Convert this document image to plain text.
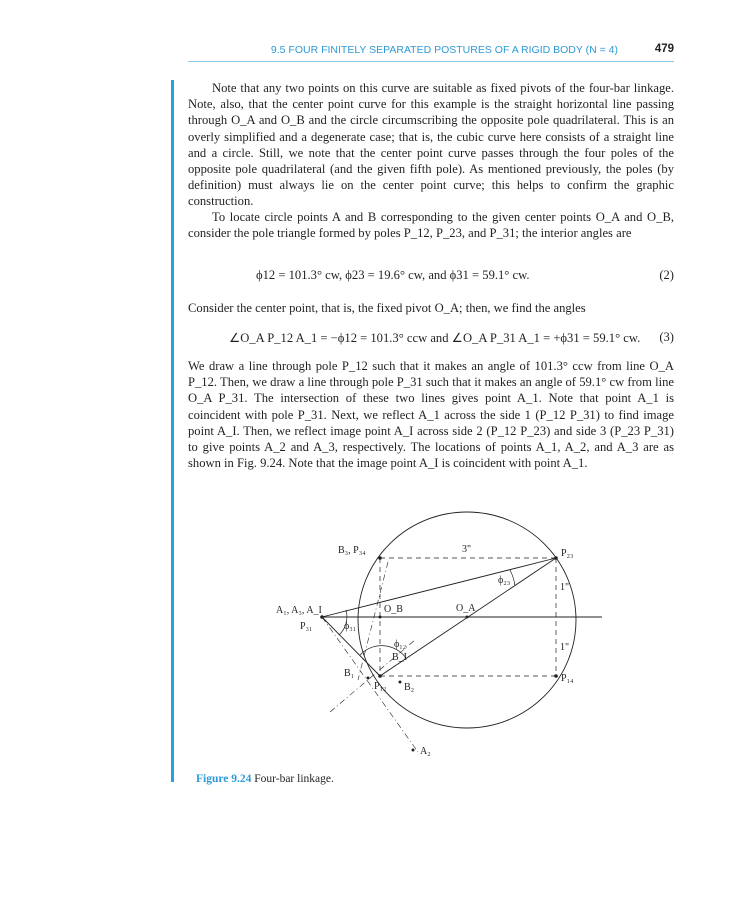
9.5 FOUR FINITELY SEPARATED POSTURES OF A RIGID BODY (N = 4)	479

Note that any two points on this curve are suitable as fixed pivots of the four-bar linkage. Note, also, that the center point curve for this example is the straight horizontal line passing through O_A and O_B and the circle circumscribing the opposite pole quadrilateral. This is an overly simplified and a degenerate case; that is, the cubic curve here consists of a straight line and a circle. Still, we note that the center point curve passes through the four poles of the opposite pole quadrilateral (and the given fifth pole). As mentioned previously, the poles (by definition) must always lie on the center point curve; this helps to confirm the graphic construction.

To locate circle points A and B corresponding to the given center points O_A and O_B, consider the pole triangle formed by poles P_12, P_23, and P_31; the interior angles are

ϕ12 = 101.3° cw, ϕ23 = 19.6° cw, and ϕ31 = 59.1° cw.	(2)

Consider the center point, that is, the fixed pivot O_A; then, we find the angles

∠O_A P_12 A_1 = −ϕ12 = 101.3° ccw and ∠O_A P_31 A_1 = +ϕ31 = 59.1° cw. (3)

We draw a line through pole P_12 such that it makes an angle of 101.3° ccw from line O_A P_12. Then, we draw a line through pole P_31 such that it makes an angle of 59.1° cw from line O_A P_31. The intersection of these two lines gives point A_1. Note that point A_1 is coincident with pole P_31. Next, we reflect A_1 across the side 1 (P_12 P_31) to find image point A_I. Then, we reflect image point A_I across side 2 (P_12 P_23) and side 3 (P_23 P_31) to give points A_2 and A_3, respectively. The locations of points A_1, A_2, and A_3 are as shown in Fig. 9.24. Note that the image point A_I is coincident with point A_1.

B₃, P₃₄	3"	P₂₃
ϕ₂₃
1"
A₁, A₃, A_I
P₃₁	ϕ₃₁
O_B	O_A
ϕ₁₂
B_I
1"
B₁
P₁₂ B₂
P₁₄
A₂
Figure 9.24 Four-bar linkage.
